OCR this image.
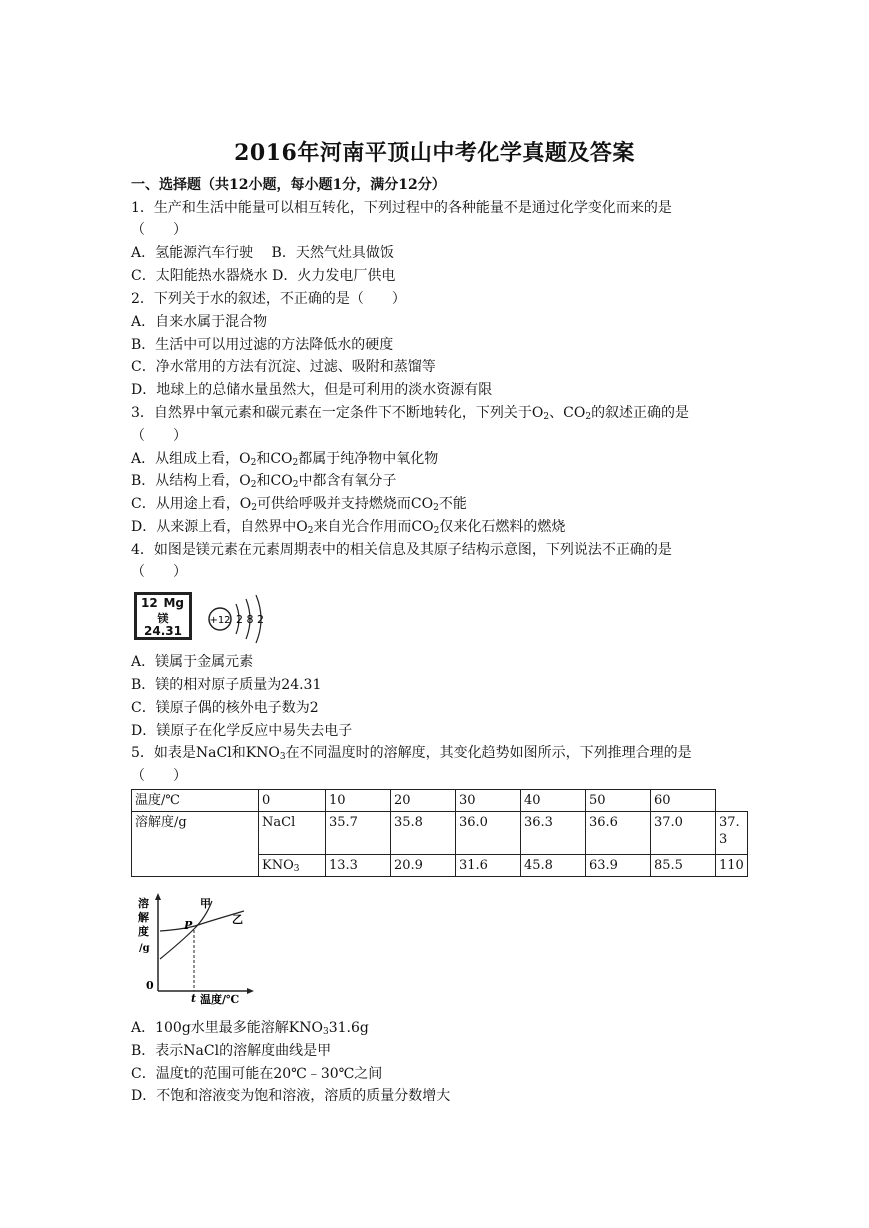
2016年河南平顶山中考化学真题及答案
一、选择题（共12小题，每小题1分，满分12分）
1．生产和生活中能量可以相互转化，下列过程中的各种能量不是通过化学变化而来的是
（　　）
A．氢能源汽车行驶　 B．天然气灶具做饭
C．太阳能热水器烧水 D．火力发电厂供电
2．下列关于水的叙述，不正确的是（　　）
A．自来水属于混合物
B．生活中可以用过滤的方法降低水的硬度
C．净水常用的方法有沉淀、过滤、吸附和蒸馏等
D．地球上的总储水量虽然大，但是可利用的淡水资源有限
3．自然界中氧元素和碳元素在一定条件下不断地转化，下列关于$O_2$、$CO_2$的叙述正确的是
（　　）
A．从组成上看，$O_2$和$CO_2$都属于纯净物中氧化物
B．从结构上看，$O_2$和$CO_2$中都含有氧分子
C．从用途上看，$O_2$可供给呼吸并支持燃烧而$CO_2$不能
D．从来源上看，自然界中$O_2$来自光合作用而$CO_2$仅来化石燃料的燃烧
4．如图是镁元素在元素周期表中的相关信息及其原子结构示意图，下列说法不正确的是
（　　）
12 Mg
镁
24.31
+12 2 8 2
A．镁属于金属元素
B．镁的相对原子质量为24.31
C．镁原子偶的核外电子数为2
D．镁原子在化学反应中易失去电子
5．如表是NaCl和$KNO_3$在不同温度时的溶解度，其变化趋势如图所示，下列推理合理的是
（　　）
温度/℃	0	10	20	30	40	50	60	
溶解度/g	NaCl	35.7	35.8	36.0	36.3	36.6	37.0	37.3
	$KNO_3$	13.3	20.9	31.6	45.8	63.9	85.5	110
溶
解
度
/g
0
甲
乙
P
t 温度/℃
A．100g水里最多能溶解$KNO_331.6g$
B．表示NaCl的溶解度曲线是甲
C．温度t的范围可能在20℃﹣30℃之间
D．不饱和溶液变为饱和溶液，溶质的质量分数增大
